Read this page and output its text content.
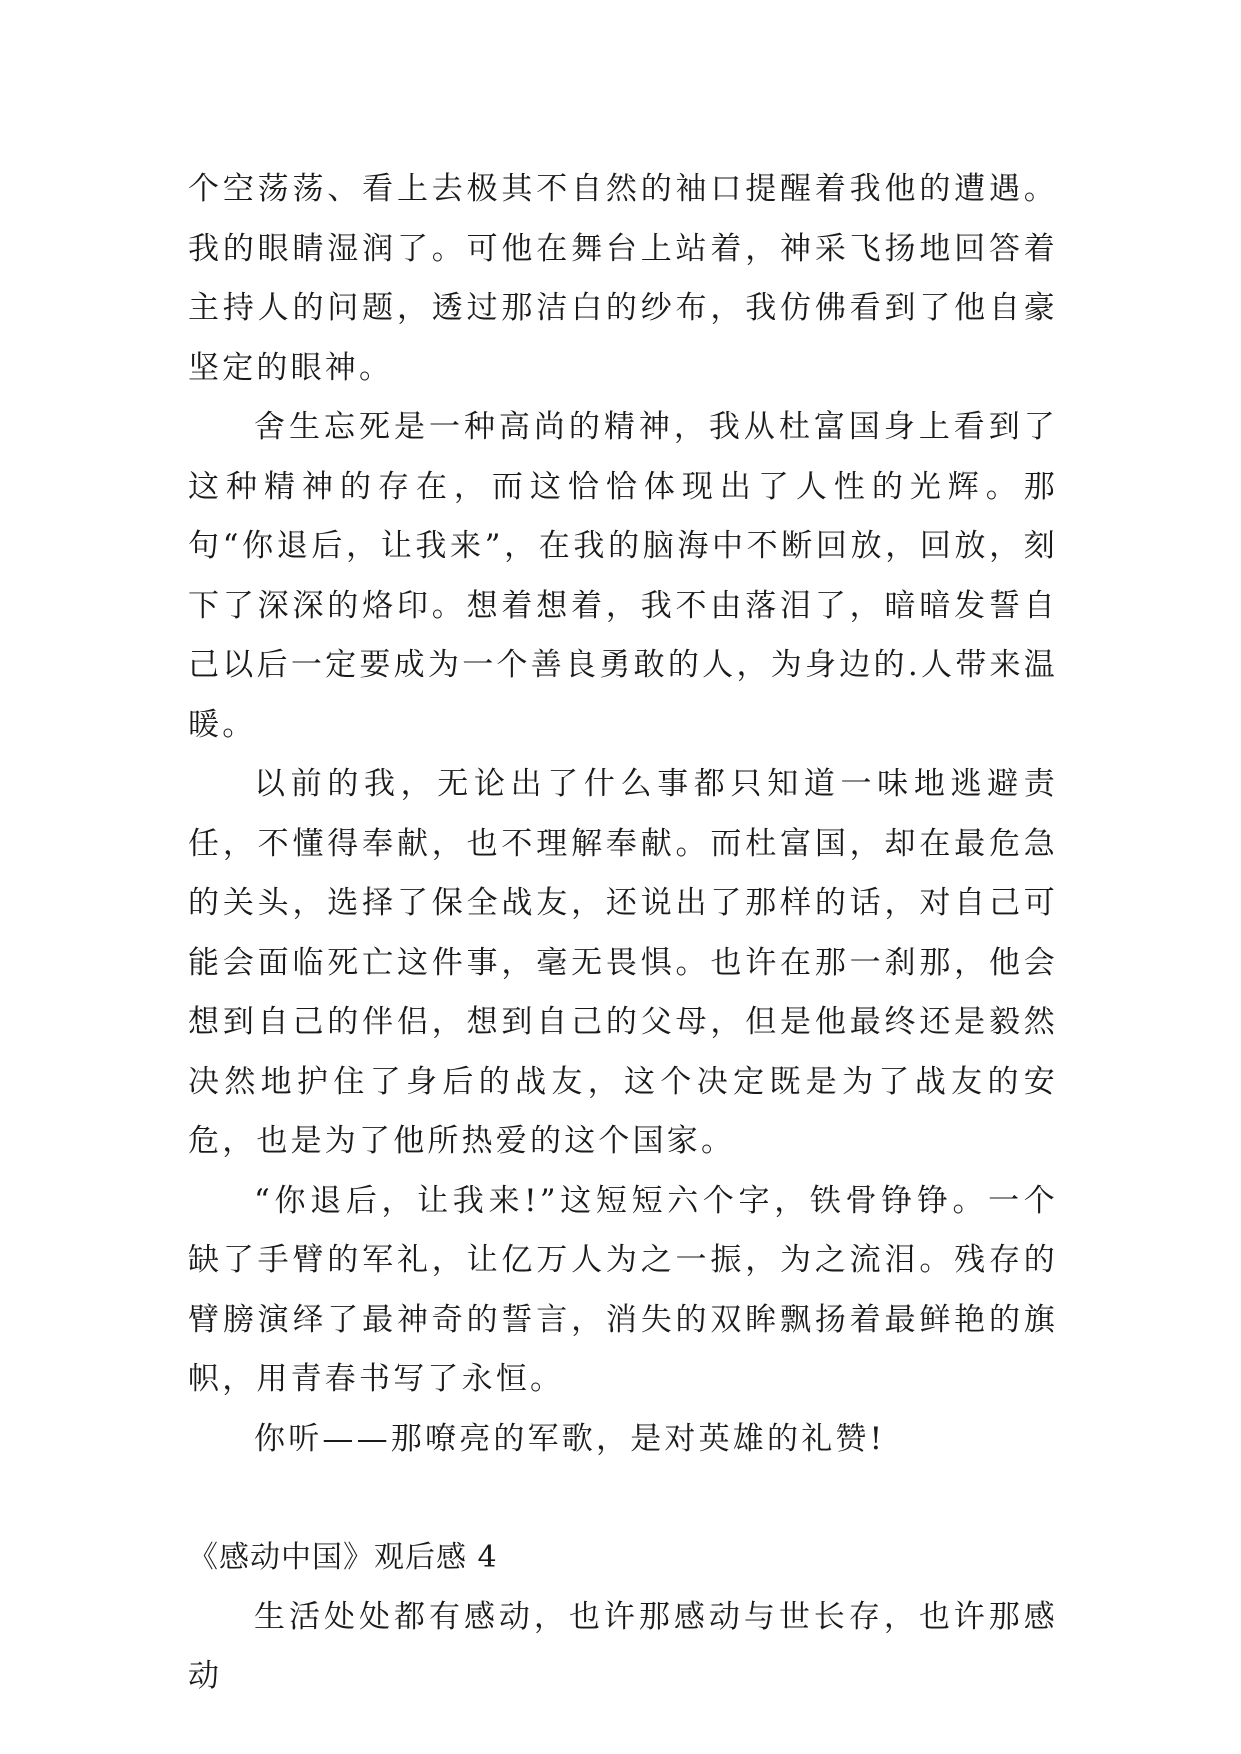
个空荡荡、看上去极其不自然的袖口提醒着我他的遭遇。我的眼睛湿润了。可他在舞台上站着，神采飞扬地回答着主持人的问题，透过那洁白的纱布，我仿佛看到了他自豪坚定的眼神。

舍生忘死是一种高尚的精神，我从杜富国身上看到了这种精神的存在，而这恰恰体现出了人性的光辉。那句“你退后，让我来”，在我的脑海中不断回放，回放，刻下了深深的烙印。想着想着，我不由落泪了，暗暗发誓自己以后一定要成为一个善良勇敢的人，为身边的.人带来温暖。

以前的我，无论出了什么事都只知道一味地逃避责任，不懂得奉献，也不理解奉献。而杜富国，却在最危急的关头，选择了保全战友，还说出了那样的话，对自己可能会面临死亡这件事，毫无畏惧。也许在那一刹那，他会想到自己的伴侣，想到自己的父母，但是他最终还是毅然决然地护住了身后的战友，这个决定既是为了战友的安危，也是为了他所热爱的这个国家。

“你退后，让我来!”这短短六个字，铁骨铮铮。一个缺了手臂的军礼，让亿万人为之一振，为之流泪。残存的臂膀演绎了最神奇的誓言，消失的双眸飘扬着最鲜艳的旗帜，用青春书写了永恒。

你听——那嘹亮的军歌，是对英雄的礼赞!

《感动中国》观后感 4

生活处处都有感动，也许那感动与世长存，也许那感动
